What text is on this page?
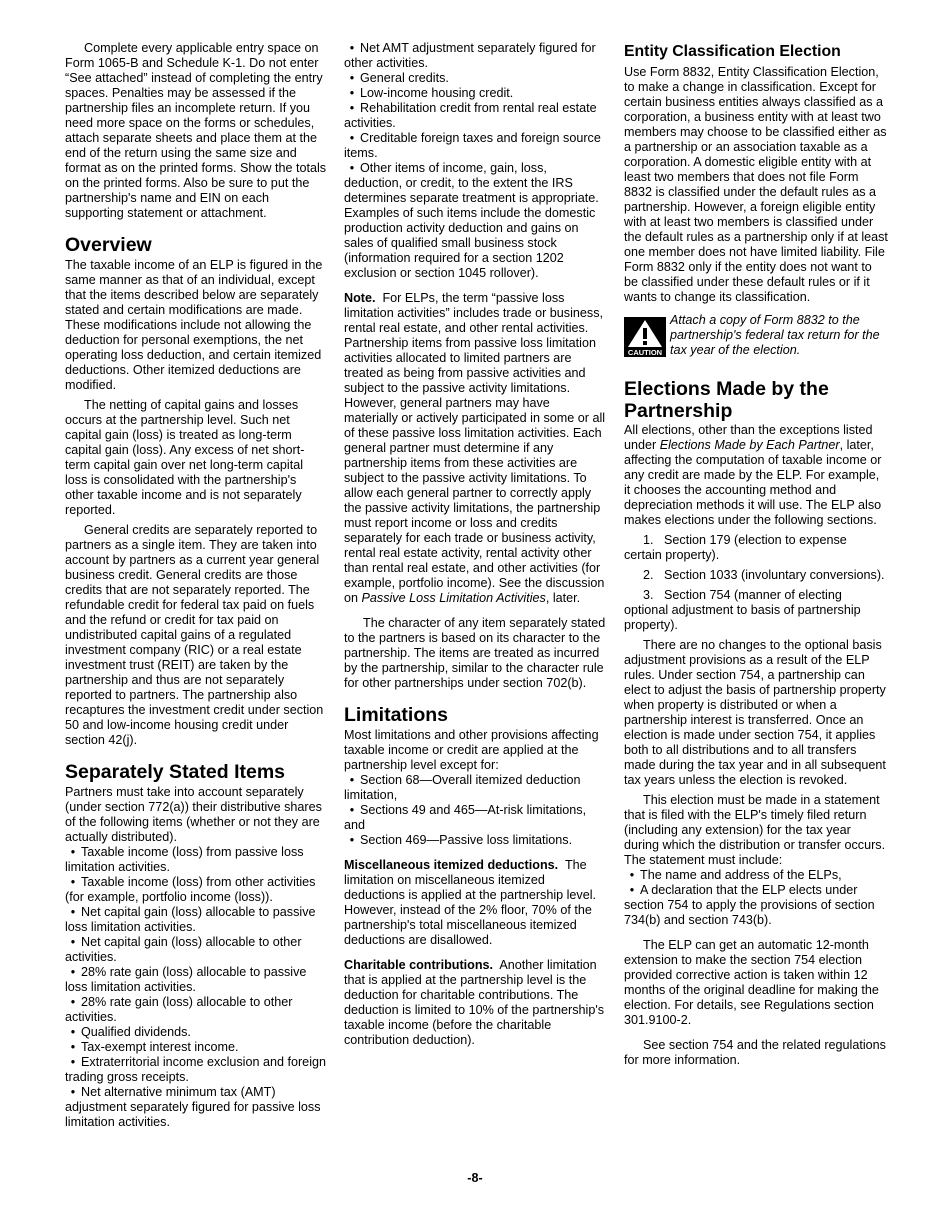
Complete every applicable entry space on Form 1065-B and Schedule K-1. Do not enter “See attached” instead of completing the entry spaces. Penalties may be assessed if the partnership files an incomplete return. If you need more space on the forms or schedules, attach separate sheets and place them at the end of the return using the same size and format as on the printed forms. Show the totals on the printed forms. Also be sure to put the partnership's name and EIN on each supporting statement or attachment.

Overview

The taxable income of an ELP is figured in the same manner as that of an individual, except that the items described below are separately stated and certain modifications are made. These modifications include not allowing the deduction for personal exemptions, the net operating loss deduction, and certain itemized deductions. Other itemized deductions are modified.

The netting of capital gains and losses occurs at the partnership level. Such net capital gain (loss) is treated as long-term capital gain (loss). Any excess of net short-term capital gain over net long-term capital loss is consolidated with the partnership's other taxable income and is not separately reported.

General credits are separately reported to partners as a single item. They are taken into account by partners as a current year general business credit. General credits are those credits that are not separately reported. The refundable credit for federal tax paid on fuels and the refund or credit for tax paid on undistributed capital gains of a regulated investment company (RIC) or a real estate investment trust (REIT) are taken by the partnership and thus are not separately reported to partners. The partnership also recaptures the investment credit under section 50 and low-income housing credit under section 42(j).

Separately Stated Items

Partners must take into account separately (under section 772(a)) their distributive shares of the following items (whether or not they are actually distributed).

• Taxable income (loss) from passive loss limitation activities.
• Taxable income (loss) from other activities (for example, portfolio income (loss)).
• Net capital gain (loss) allocable to passive loss limitation activities.
• Net capital gain (loss) allocable to other activities.
• 28% rate gain (loss) allocable to passive loss limitation activities.
• 28% rate gain (loss) allocable to other activities.
• Qualified dividends.
• Tax-exempt interest income.
• Extraterritorial income exclusion and foreign trading gross receipts.
• Net alternative minimum tax (AMT) adjustment separately figured for passive loss limitation activities.
• Net AMT adjustment separately figured for other activities.
• General credits.
• Low-income housing credit.
• Rehabilitation credit from rental real estate activities.
• Creditable foreign taxes and foreign source items.
• Other items of income, gain, loss, deduction, or credit, to the extent the IRS determines separate treatment is appropriate. Examples of such items include the domestic production activity deduction and gains on sales of qualified small business stock (information required for a section 1202 exclusion or section 1045 rollover).

Note. For ELPs, the term “passive loss limitation activities” includes trade or business, rental real estate, and other rental activities. Partnership items from passive loss limitation activities allocated to limited partners are treated as being from passive activities and subject to the passive activity limitations. However, general partners may have materially or actively participated in some or all of these passive loss limitation activities. Each general partner must determine if any partnership items from these activities are subject to the passive activity limitations. To allow each general partner to correctly apply the passive activity limitations, the partnership must report income or loss and credits separately for each trade or business activity, rental real estate activity, rental activity other than rental real estate, and other activities (for example, portfolio income). See the discussion on Passive Loss Limitation Activities, later.

The character of any item separately stated to the partners is based on its character to the partnership. The items are treated as incurred by the partnership, similar to the character rule for other partnerships under section 702(b).

Limitations

Most limitations and other provisions affecting taxable income or credit are applied at the partnership level except for:

• Section 68—Overall itemized deduction limitation,
• Sections 49 and 465—At-risk limitations, and
• Section 469—Passive loss limitations.

Miscellaneous itemized deductions. The limitation on miscellaneous itemized deductions is applied at the partnership level. However, instead of the 2% floor, 70% of the partnership's total miscellaneous itemized deductions are disallowed.

Charitable contributions. Another limitation that is applied at the partnership level is the deduction for charitable contributions. The deduction is limited to 10% of the partnership's taxable income (before the charitable contribution deduction).

Entity Classification Election

Use Form 8832, Entity Classification Election, to make a change in classification. Except for certain business entities always classified as a corporation, a business entity with at least two members may choose to be classified either as a partnership or an association taxable as a corporation. A domestic eligible entity with at least two members that does not file Form 8832 is classified under the default rules as a partnership. However, a foreign eligible entity with at least two members is classified under the default rules as a partnership only if at least one member does not have limited liability. File Form 8832 only if the entity does not want to be classified under these default rules or if it wants to change its classification.

CAUTION
Attach a copy of Form 8832 to the partnership's federal tax return for the tax year of the election.
Elections Made by the Partnership

All elections, other than the exceptions listed under Elections Made by Each Partner, later, affecting the computation of taxable income or any credit are made by the ELP. For example, it chooses the accounting method and depreciation methods it will use. The ELP also makes elections under the following sections.

1. Section 179 (election to expense certain property).

2. Section 1033 (involuntary conversions).

3. Section 754 (manner of electing optional adjustment to basis of partnership property).

There are no changes to the optional basis adjustment provisions as a result of the ELP rules. Under section 754, a partnership can elect to adjust the basis of partnership property when property is distributed or when a partnership interest is transferred. Once an election is made under section 754, it applies both to all distributions and to all transfers made during the tax year and in all subsequent tax years unless the election is revoked.

This election must be made in a statement that is filed with the ELP's timely filed return (including any extension) for the tax year during which the distribution or transfer occurs. The statement must include:

• The name and address of the ELPs,
• A declaration that the ELP elects under section 754 to apply the provisions of section 734(b) and section 743(b).

The ELP can get an automatic 12-month extension to make the section 754 election provided corrective action is taken within 12 months of the original deadline for making the election. For details, see Regulations section 301.9100-2.

See section 754 and the related regulations for more information.

-8-
